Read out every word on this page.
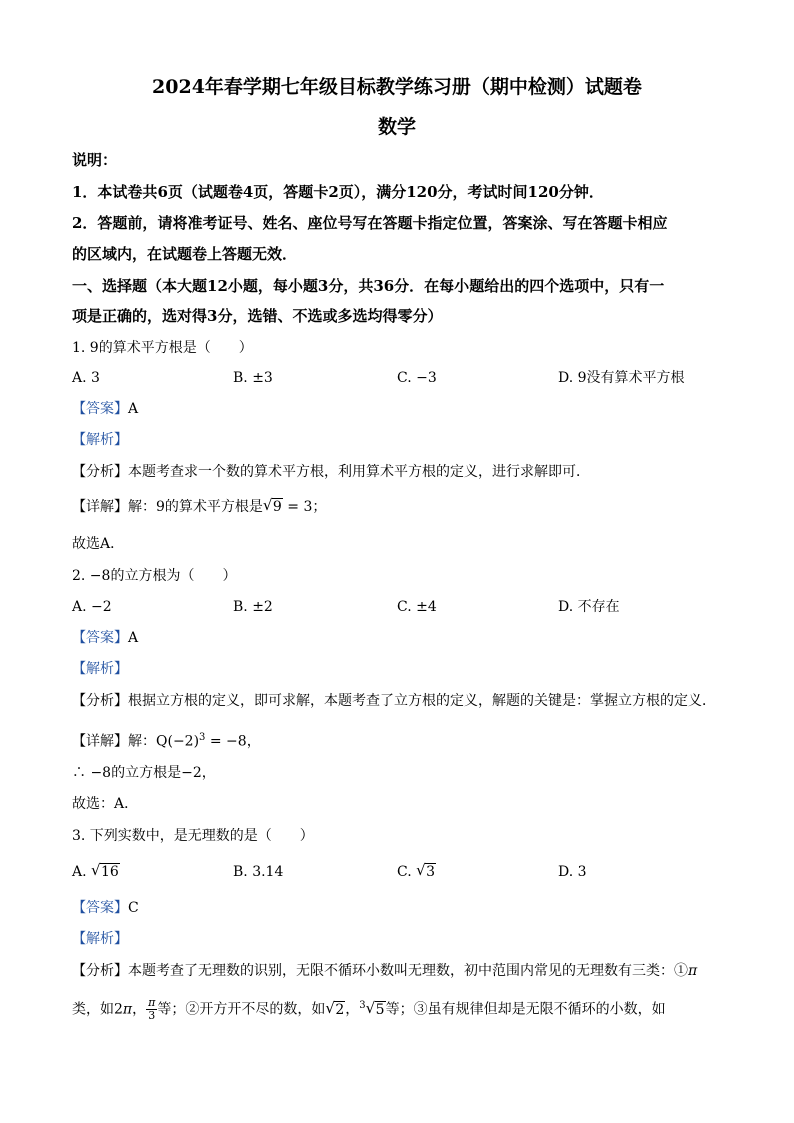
2024年春学期七年级目标教学练习册（期中检测）试题卷
数学
说明：
1．本试卷共6页（试题卷4页，答题卡2页），满分120分，考试时间120分钟．
2．答题前，请将准考证号、姓名、座位号写在答题卡指定位置，答案涂、写在答题卡相应
的区域内，在试题卷上答题无效．
一、选择题（本大题12小题，每小题3分，共36分．在每小题给出的四个选项中，只有一
项是正确的，选对得3分，选错、不选或多选均得零分）
1. 9的算术平方根是（　　）
A. 3	B. ±3	C. −3	D. 9没有算术平方根
【答案】A
【解析】
【分析】本题考查求一个数的算术平方根，利用算术平方根的定义，进行求解即可．
【详解】解：9的算术平方根是 √ 9 = 3；
故选A．
2. −8的立方根为（　　）
A. −2	B. ±2	C. ±4	D. 不存在
【答案】A
【解析】
【分析】根据立方根的定义，即可求解，本题考查了立方根的定义，解题的关键是：掌握立方根的定义．
【详解】解：$Q(-2)^3 = -8$，
∴ −8的立方根是−2，
故选：A．
3. 下列实数中，是无理数的是（　　）
A. √ 16	B. 3.14	C. √ 3	D. 3
【答案】C
【解析】
【分析】本题考查了无理数的识别，无限不循环小数叫无理数，初中范围内常见的无理数有三类：①π
类，如2π， $\frac{\pi}{3}$ 等；②开方开不尽的数，如 √ 2，$^3$ √ 5等；③虽有规律但却是无限不循环的小数，如
